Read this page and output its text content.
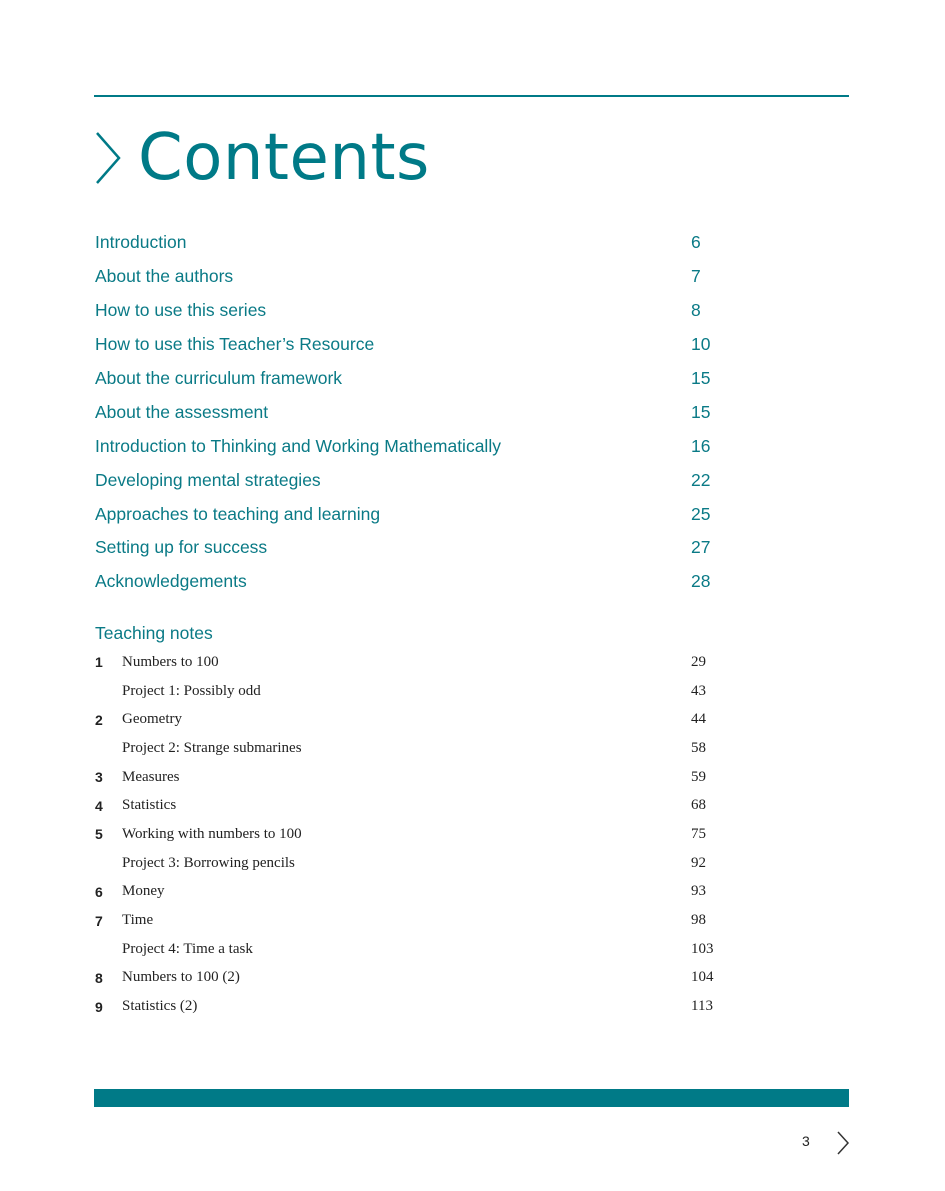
Contents
Introduction	6
About the authors	7
How to use this series	8
How to use this Teacher’s Resource	10
About the curriculum framework	15
About the assessment	15
Introduction to Thinking and Working Mathematically	16
Developing mental strategies	22
Approaches to teaching and learning	25
Setting up for success	27
Acknowledgements	28
Teaching notes
1	Numbers to 100	29
Project 1: Possibly odd	43
2	Geometry	44
Project 2: Strange submarines	58
3	Measures	59
4	Statistics	68
5	Working with numbers to 100	75
Project 3: Borrowing pencils	92
6	Money	93
7	Time	98
Project 4: Time a task	103
8	Numbers to 100 (2)	104
9	Statistics (2)	113
3
